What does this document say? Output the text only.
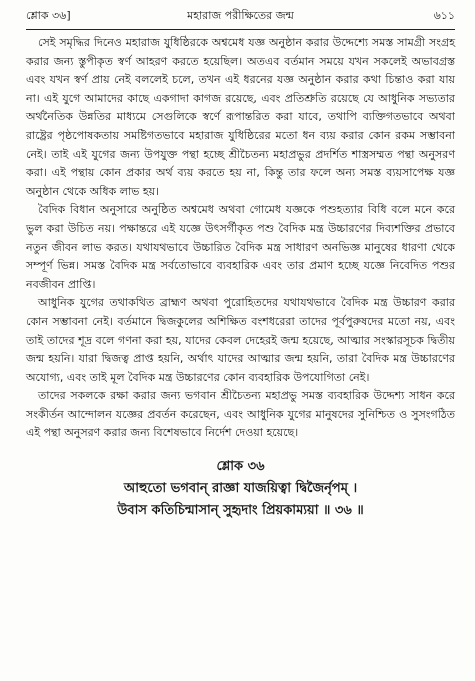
শ্লোক ৩৬]	মহারাজ পরীক্ষিতের জন্ম	৬১১

সেই সমৃদ্ধির দিনেও মহারাজ যুধিষ্ঠিরকে অশ্বমেধ যজ্ঞ অনুষ্ঠান করার উদ্দেশ্যে সমস্ত সামগ্রী সংগ্রহ করার জন্য স্তুপীকৃত স্বর্ণ আহরণ করতে হয়েছিল। অতএব বর্তমান সময়ে যখন সকলেই অভাবগ্রস্ত এবং যখন স্বর্ণ প্রায় নেই বললেই চলে, তখন এই ধরনের যজ্ঞ অনুষ্ঠান করার কথা চিন্তাও করা যায় না। এই যুগে আমাদের কাছে একগাদা কাগজ রয়েছে, এবং প্রতিশ্রুতি রয়েছে যে আধুনিক সভ্যতার অর্থনৈতিক উন্নতির মাধ্যমে সেগুলিকে স্বর্ণে রূপান্তরিত করা যাবে, তথাপি ব্যক্তিগতভাবে অথবা রাষ্ট্রের পৃষ্ঠপোষকতায় সমষ্টিগতভাবে মহারাজ যুধিষ্ঠিরের মতো ধন ব্যয় করার কোন রকম সম্ভাবনা নেই। তাই এই যুগের জন্য উপযুক্ত পন্থা হচ্ছে শ্রীচৈতন্য মহাপ্রভুর প্রদর্শিত শাস্ত্রসম্মত পন্থা অনুসরণ করা। এই পন্থায় কোন প্রকার অর্থ ব্যয় করতে হয় না, কিন্তু তার ফলে অন্য সমস্ত ব্যয়সাপেক্ষ যজ্ঞ অনুষ্ঠান থেকে অধিক লাভ হয়।

বৈদিক বিধান অনুসারে অনুষ্ঠিত অশ্বমেধ অথবা গোমেধ যজ্ঞকে পশুহত্যার বিধি বলে মনে করে ভুল করা উচিত নয়। পক্ষান্তরে এই যজ্ঞে উৎসর্গীকৃত পশু বৈদিক মন্ত্র উচ্চারণের দিব্যশক্তির প্রভাবে নতুন জীবন লাভ করত। যথাযথভাবে উচ্চারিত বৈদিক মন্ত্র সাধারণ অনভিজ্ঞ মানুষের ধারণা থেকে সম্পূর্ণ ভিন্ন। সমস্ত বৈদিক মন্ত্র সর্বতোভাবে ব্যবহারিক এবং তার প্রমাণ হচ্ছে যজ্ঞে নিবেদিত পশুর নবজীবন প্রাপ্তি।

আধুনিক যুগের তথাকথিত ব্রাহ্মণ অথবা পুরোহিতদের যথাযথভাবে বৈদিক মন্ত্র উচ্চারণ করার কোন সম্ভাবনা নেই। বর্তমানে দ্বিজকুলের অশিক্ষিত বংশধরেরা তাদের পূর্বপুরুষদের মতো নয়, এবং তাই তাদের শূদ্র বলে গণনা করা হয়, যাদের কেবল দেহেরই জন্ম হয়েছে, আত্মার সংস্কারসূচক দ্বিতীয় জন্ম হয়নি। যারা দ্বিজত্ব প্রাপ্ত হয়নি, অর্থাৎ যাদের আত্মার জন্ম হয়নি, তারা বৈদিক মন্ত্র উচ্চারণের অযোগ্য, এবং তাই মূল বৈদিক মন্ত্র উচ্চারণের কোন ব্যবহারিক উপযোগিতা নেই।

তাদের সকলকে রক্ষা করার জন্য ভগবান শ্রীচৈতন্য মহাপ্রভু সমস্ত ব্যবহারিক উদ্দেশ্য সাধন করে সংকীর্তন আন্দোলন যজ্ঞের প্রবর্তন করেছেন, এবং আধুনিক যুগের মানুষদের সুনিশ্চিত ও সুসংগঠিত এই পন্থা অনুসরণ করার জন্য বিশেষভাবে নির্দেশ দেওয়া হয়েছে।

শ্লোক ৩৬
আহুতো ভগবান্ রাজ্ঞা যাজয়িত্বা দ্বিজৈর্নৃপম্ ।
উবাস কতিচিন্মাসান্ সুহৃদাং প্রিয়কাম্যয়া ॥ ৩৬ ॥
